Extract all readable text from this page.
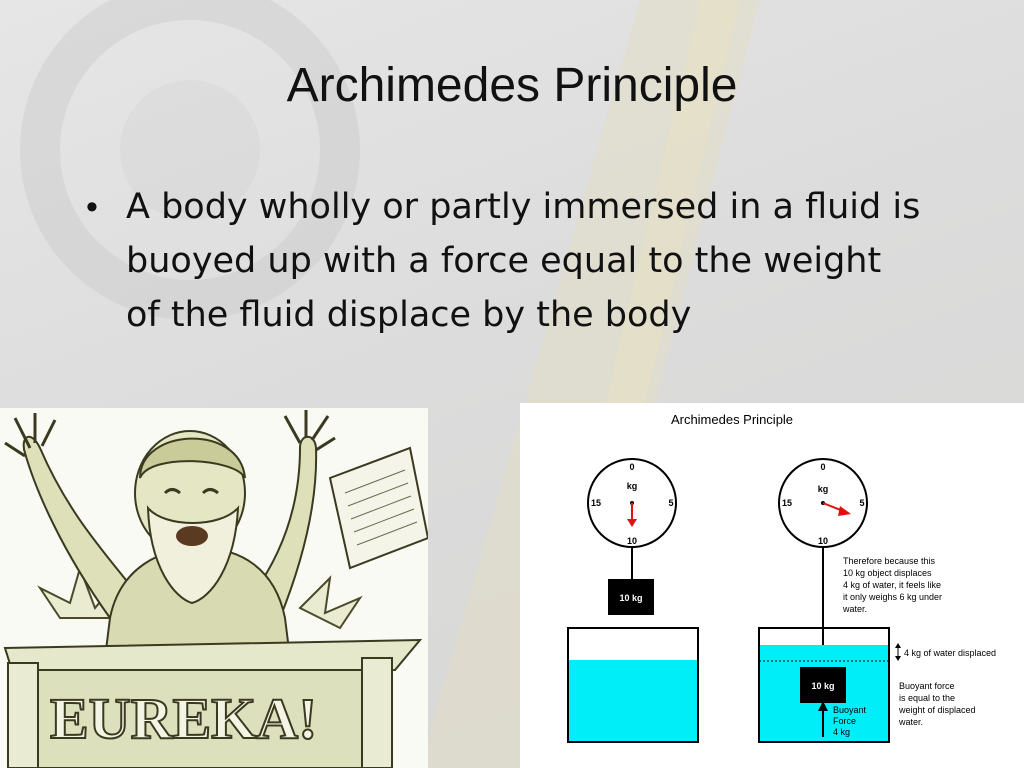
Archimedes Principle
• A body wholly or partly immersed in a fluid is buoyed up with a force equal to the weight of the fluid displace by the body
EUREKA!
Archimedes Principle
0
5
10
15
kg
10 kg
0
5
10
15
kg
10 kg
Buoyant
Force
4 kg
Therefore because this
10 kg object displaces
4 kg of water, it feels like
it only weighs 6 kg under
water.
4 kg of water displaced
Buoyant force
is equal to the
weight of displaced
water.
